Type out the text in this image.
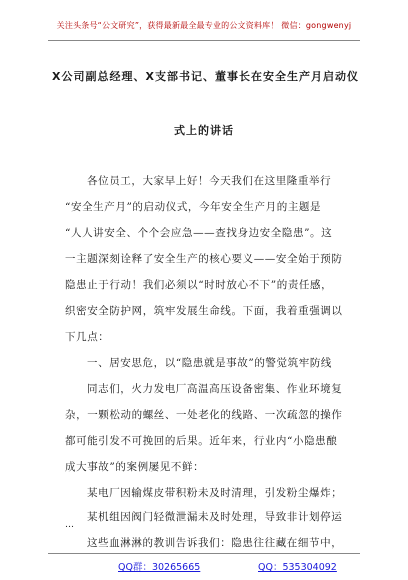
关注头条号“公文研究”，获得最新最全最专业的公文资料库！ 微信：gongwenyj
X公司副总经理、X支部书记、董事长在安全生产月启动仪
式上的讲话
各位员工，大家早上好！今天我们在这里隆重举行
“安全生产月”的启动仪式，今年安全生产月的主题是
“人人讲安全、个个会应急——查找身边安全隐患”。这
一主题深刻诠释了安全生产的核心要义——安全始于预防
隐患止于行动！我们必须以“时时放心不下”的责任感，
织密安全防护网，筑牢发展生命线。下面，我着重强调以
下几点：
一、居安思危，以“隐患就是事故”的警觉筑牢防线
同志们，火力发电厂高温高压设备密集、作业环境复
杂，一颗松动的螺丝、一处老化的线路、一次疏忽的操作
都可能引发不可挽回的后果。近年来，行业内“小隐患酿
成大事故”的案例屡见不鲜：
某电厂因输煤皮带积粉未及时清理，引发粉尘爆炸；
某机组因阀门轻微泄漏未及时处理，导致非计划停运
…
这些血淋淋的教训告诉我们：隐患往往藏在细节中，
QQ群：30265665	QQ：535304092
